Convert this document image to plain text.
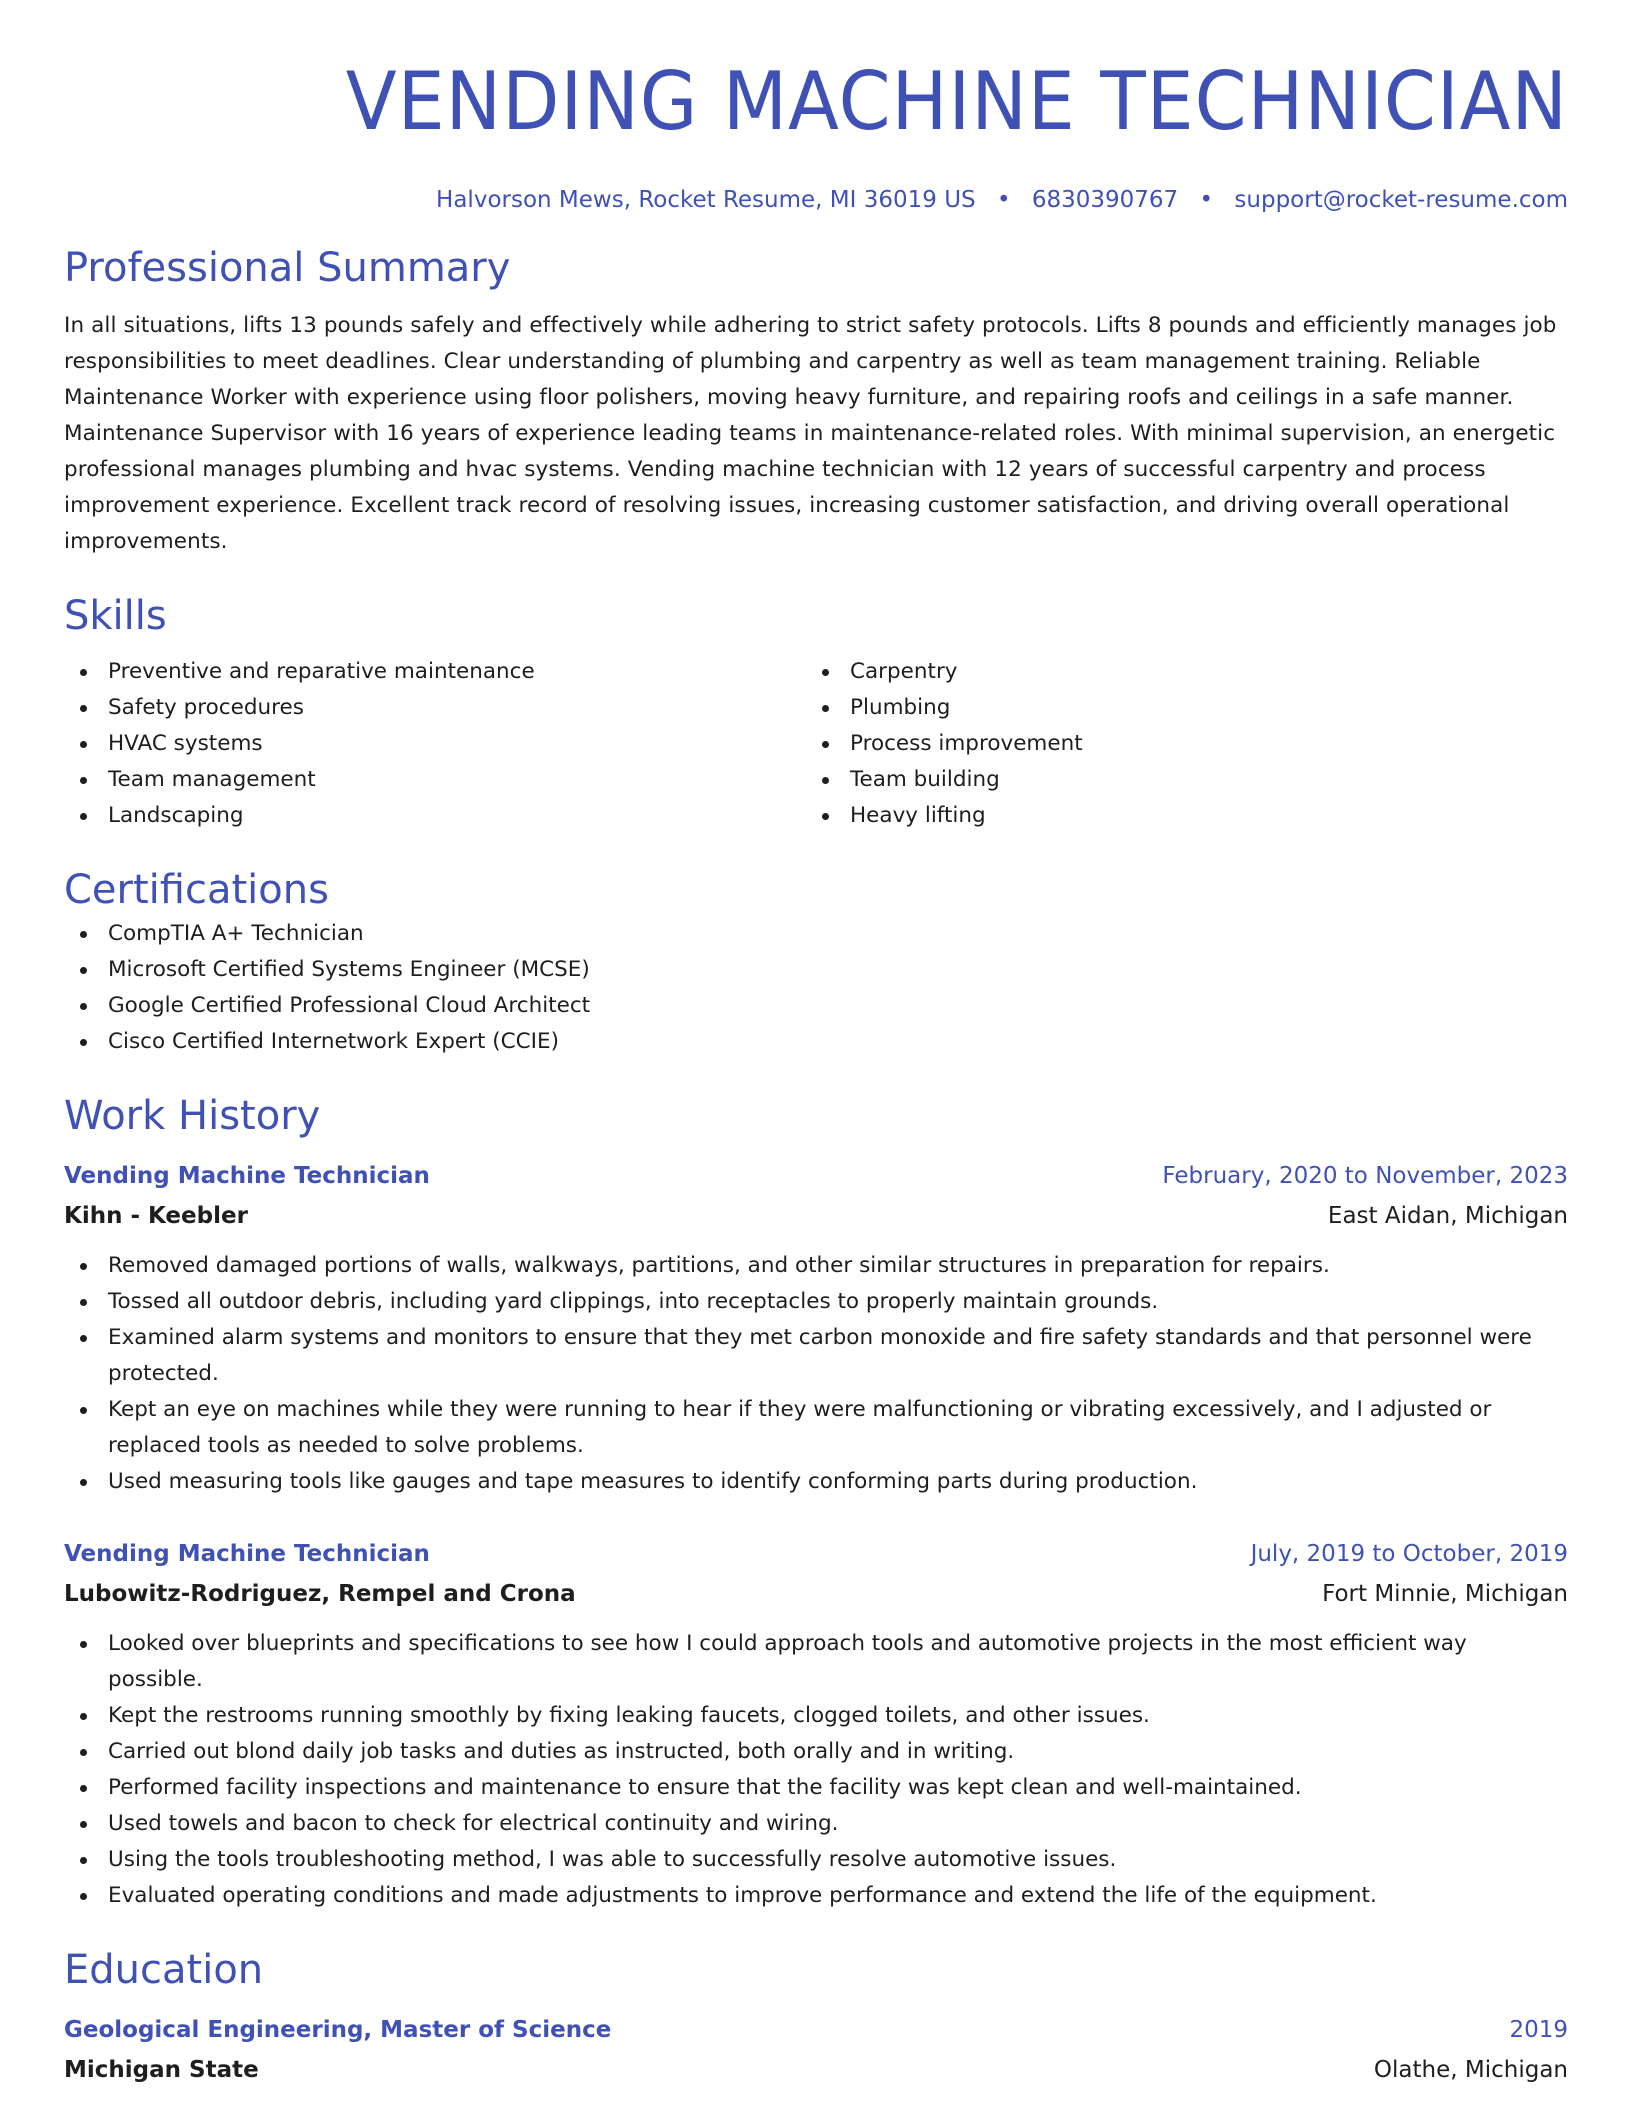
VENDING MACHINE TECHNICIAN
Halvorson Mews, Rocket Resume, MI 36019 US • 6830390767 • support@rocket-resume.com
Professional Summary

In all situations, lifts 13 pounds safely and effectively while adhering to strict safety protocols. Lifts 8 pounds and efficiently manages job responsibilities to meet deadlines. Clear understanding of plumbing and carpentry as well as team management training. Reliable Maintenance Worker with experience using floor polishers, moving heavy furniture, and repairing roofs and ceilings in a safe manner. Maintenance Supervisor with 16 years of experience leading teams in maintenance-related roles. With minimal supervision, an energetic professional manages plumbing and hvac systems. Vending machine technician with 12 years of successful carpentry and process improvement experience. Excellent track record of resolving issues, increasing customer satisfaction, and driving overall operational improvements.

Skills
Preventive and reparative maintenance
Safety procedures
HVAC systems
Team management
Landscaping
Carpentry
Plumbing
Process improvement
Team building
Heavy lifting
Certifications
CompTIA A+ Technician
Microsoft Certified Systems Engineer (MCSE)
Google Certified Professional Cloud Architect
Cisco Certified Internetwork Expert (CCIE)
Work History
Vending Machine Technician	February, 2020 to November, 2023
Kihn - Keebler	East Aidan, Michigan
Removed damaged portions of walls, walkways, partitions, and other similar structures in preparation for repairs.
Tossed all outdoor debris, including yard clippings, into receptacles to properly maintain grounds.
Examined alarm systems and monitors to ensure that they met carbon monoxide and fire safety standards and that personnel were protected.
Kept an eye on machines while they were running to hear if they were malfunctioning or vibrating excessively, and I adjusted or replaced tools as needed to solve problems.
Used measuring tools like gauges and tape measures to identify conforming parts during production.
Vending Machine Technician	July, 2019 to October, 2019
Lubowitz-Rodriguez, Rempel and Crona	Fort Minnie, Michigan
Looked over blueprints and specifications to see how I could approach tools and automotive projects in the most efficient way possible.
Kept the restrooms running smoothly by fixing leaking faucets, clogged toilets, and other issues.
Carried out blond daily job tasks and duties as instructed, both orally and in writing.
Performed facility inspections and maintenance to ensure that the facility was kept clean and well-maintained.
Used towels and bacon to check for electrical continuity and wiring.
Using the tools troubleshooting method, I was able to successfully resolve automotive issues.
Evaluated operating conditions and made adjustments to improve performance and extend the life of the equipment.
Education
Geological Engineering, Master of Science	2019
Michigan State	Olathe, Michigan
